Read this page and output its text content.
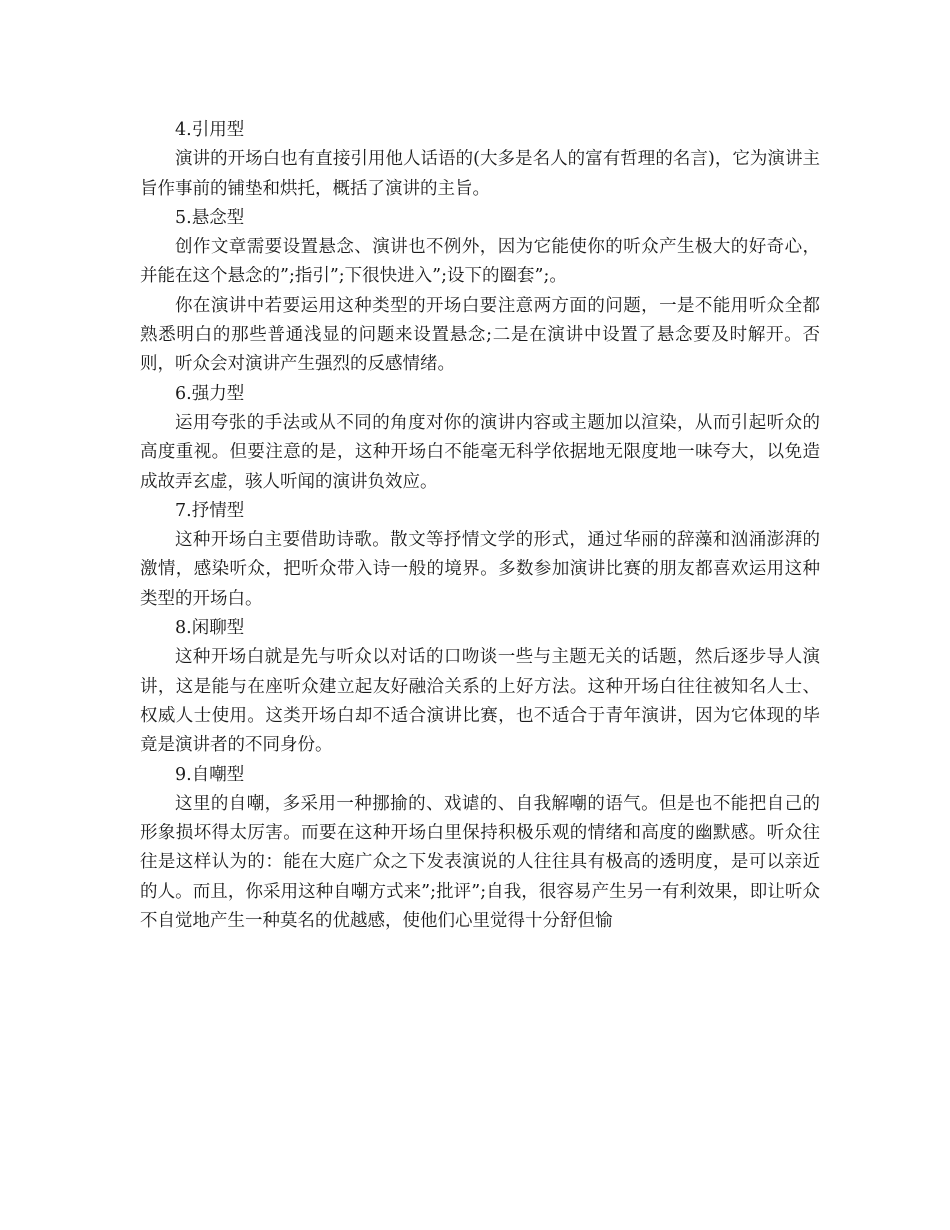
4.引用型

演讲的开场白也有直接引用他人话语的(大多是名人的富有哲理的名言)，它为演讲主旨作事前的铺垫和烘托，概括了演讲的主旨。

5.悬念型

创作文章需要设置悬念、演讲也不例外，因为它能使你的听众产生极大的好奇心，并能在这个悬念的”;指引”;下很快进入”;设下的圈套”;。

你在演讲中若要运用这种类型的开场白要注意两方面的问题，一是不能用听众全都熟悉明白的那些普通浅显的问题来设置悬念;二是在演讲中设置了悬念要及时解开。否则，听众会对演讲产生强烈的反感情绪。

6.强力型

运用夸张的手法或从不同的角度对你的演讲内容或主题加以渲染，从而引起听众的高度重视。但要注意的是，这种开场白不能毫无科学依据地无限度地一味夸大，以免造成故弄玄虚，骇人听闻的演讲负效应。

7.抒情型

这种开场白主要借助诗歌。散文等抒情文学的形式，通过华丽的辞藻和汹涌澎湃的激情，感染听众，把听众带入诗一般的境界。多数参加演讲比赛的朋友都喜欢运用这种类型的开场白。

8.闲聊型

这种开场白就是先与听众以对话的口吻谈一些与主题无关的话题，然后逐步导人演讲，这是能与在座听众建立起友好融洽关系的上好方法。这种开场白往往被知名人士、权威人士使用。这类开场白却不适合演讲比赛，也不适合于青年演讲，因为它体现的毕竟是演讲者的不同身份。

9.自嘲型

这里的自嘲，多采用一种挪揄的、戏谑的、自我解嘲的语气。但是也不能把自己的形象损坏得太厉害。而要在这种开场白里保持积极乐观的情绪和高度的幽默感。听众往往是这样认为的：能在大庭广众之下发表演说的人往往具有极高的透明度，是可以亲近的人。而且，你采用这种自嘲方式来”;批评”;自我，很容易产生另一有利效果，即让听众不自觉地产生一种莫名的优越感，使他们心里觉得十分舒但愉
